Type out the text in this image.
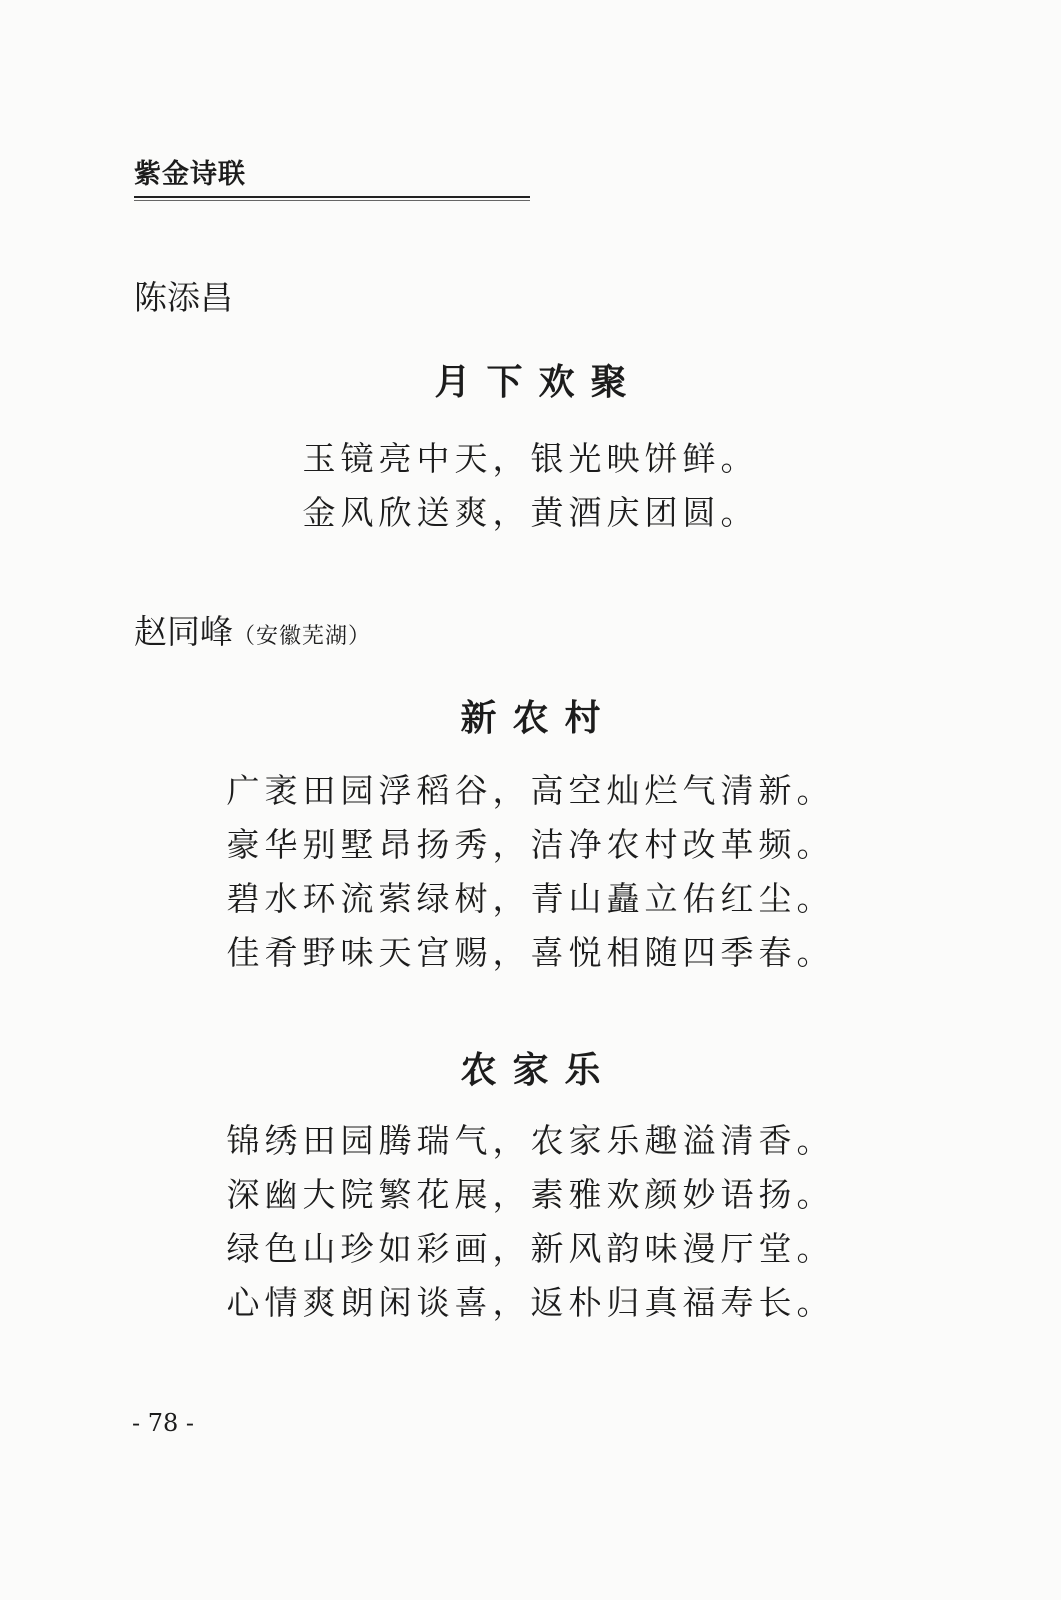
紫金诗联
陈添昌
月下欢聚
玉镜亮中天，银光映饼鲜。
金风欣送爽，黄酒庆团圆。
赵同峰（安徽芜湖）
新农村
广袤田园浮稻谷，高空灿烂气清新。
豪华别墅昂扬秀，洁净农村改革频。
碧水环流萦绿树，青山矗立佑红尘。
佳肴野味天宫赐，喜悦相随四季春。
农家乐
锦绣田园腾瑞气，农家乐趣溢清香。
深幽大院繁花展，素雅欢颜妙语扬。
绿色山珍如彩画，新风韵味漫厅堂。
心情爽朗闲谈喜，返朴归真福寿长。
- 78 -
